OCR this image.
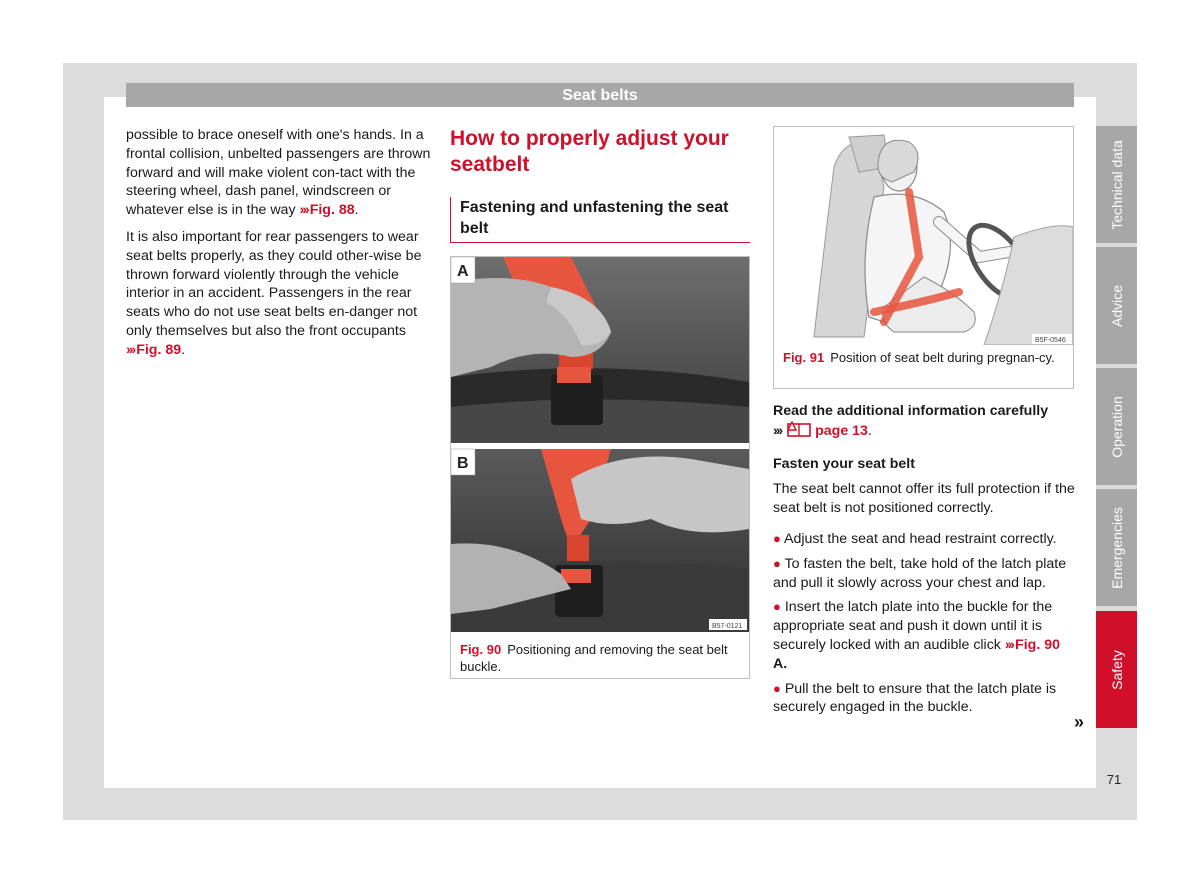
Seat belts

possible to brace oneself with one's hands. In a frontal collision, unbelted passengers are thrown forward and will make violent con-tact with the steering wheel, dash panel, windscreen or whatever else is in the way ››› Fig. 88.

It is also important for rear passengers to wear seat belts properly, as they could other-wise be thrown forward violently through the vehicle interior in an accident. Passengers in the rear seats who do not use seat belts en-danger not only themselves but also the front occupants ››› Fig. 89.

How to properly adjust your seatbelt
Fastening and unfastening the seat belt
A
B
B57-0121
Fig. 90 Positioning and removing the seat belt buckle.
B5F-0546
Fig. 91 Position of seat belt during pregnan-cy.

Read the additional information carefully

››› page 13.

Fasten your seat belt

The seat belt cannot offer its full protection if the seat belt is not positioned correctly.

● Adjust the seat and head restraint correctly.

● To fasten the belt, take hold of the latch plate and pull it slowly across your chest and lap.

● Insert the latch plate into the buckle for the appropriate seat and push it down until it is securely locked with an audible click ››› Fig. 90 A.

● Pull the belt to ensure that the latch plate is securely engaged in the buckle.

»
Technical data
Advice
Operation
Emergencies
Safety
71
